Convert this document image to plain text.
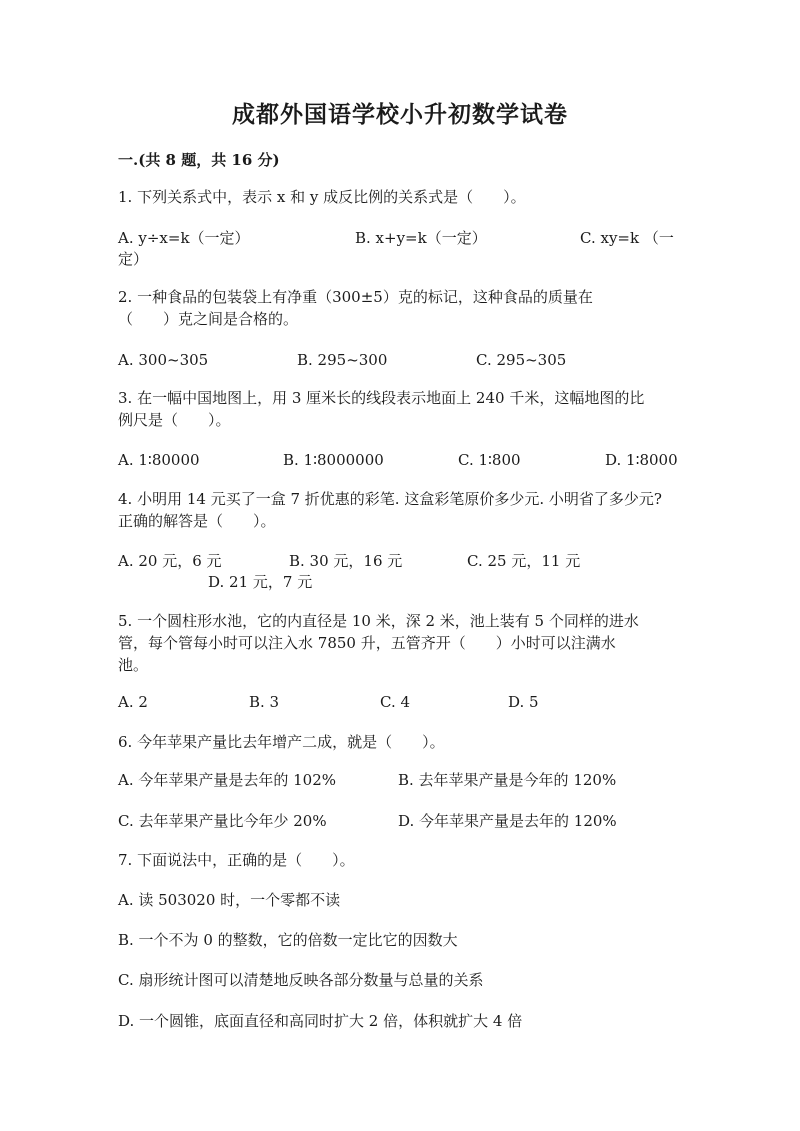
成都外国语学校小升初数学试卷
一.(共 8 题，共 16 分)
1. 下列关系式中，表示 x 和 y 成反比例的关系式是（　　）。
A. y÷x=k（一定）	B. x+y=k（一定）	C. xy=k （一
定）
2. 一种食品的包装袋上有净重（300±5）克的标记，这种食品的质量在
（　　）克之间是合格的。
A. 300~305	B. 295~300	C. 295~305
3. 在一幅中国地图上，用 3 厘米长的线段表示地面上 240 千米，这幅地图的比
例尺是（　　）。
A. 1∶80000	B. 1∶8000000	C. 1∶800	D. 1∶8000
4. 小明用 14 元买了一盒 7 折优惠的彩笔. 这盒彩笔原价多少元. 小明省了多少元?
正确的解答是（　　）。
A. 20 元，6 元	B. 30 元，16 元	C. 25 元，11 元
D. 21 元，7 元
5. 一个圆柱形水池，它的内直径是 10 米，深 2 米，池上装有 5 个同样的进水
管，每个管每小时可以注入水 7850 升，五管齐开（　　）小时可以注满水
池。
A. 2	B. 3	C. 4	D. 5
6. 今年苹果产量比去年增产二成，就是（　　）。
A. 今年苹果产量是去年的 102%	B. 去年苹果产量是今年的 120%
C. 去年苹果产量比今年少 20%	D. 今年苹果产量是去年的 120%
7. 下面说法中，正确的是（　　）。
A. 读 503020 时，一个零都不读
B. 一个不为 0 的整数，它的倍数一定比它的因数大
C. 扇形统计图可以清楚地反映各部分数量与总量的关系
D. 一个圆锥，底面直径和高同时扩大 2 倍，体积就扩大 4 倍
